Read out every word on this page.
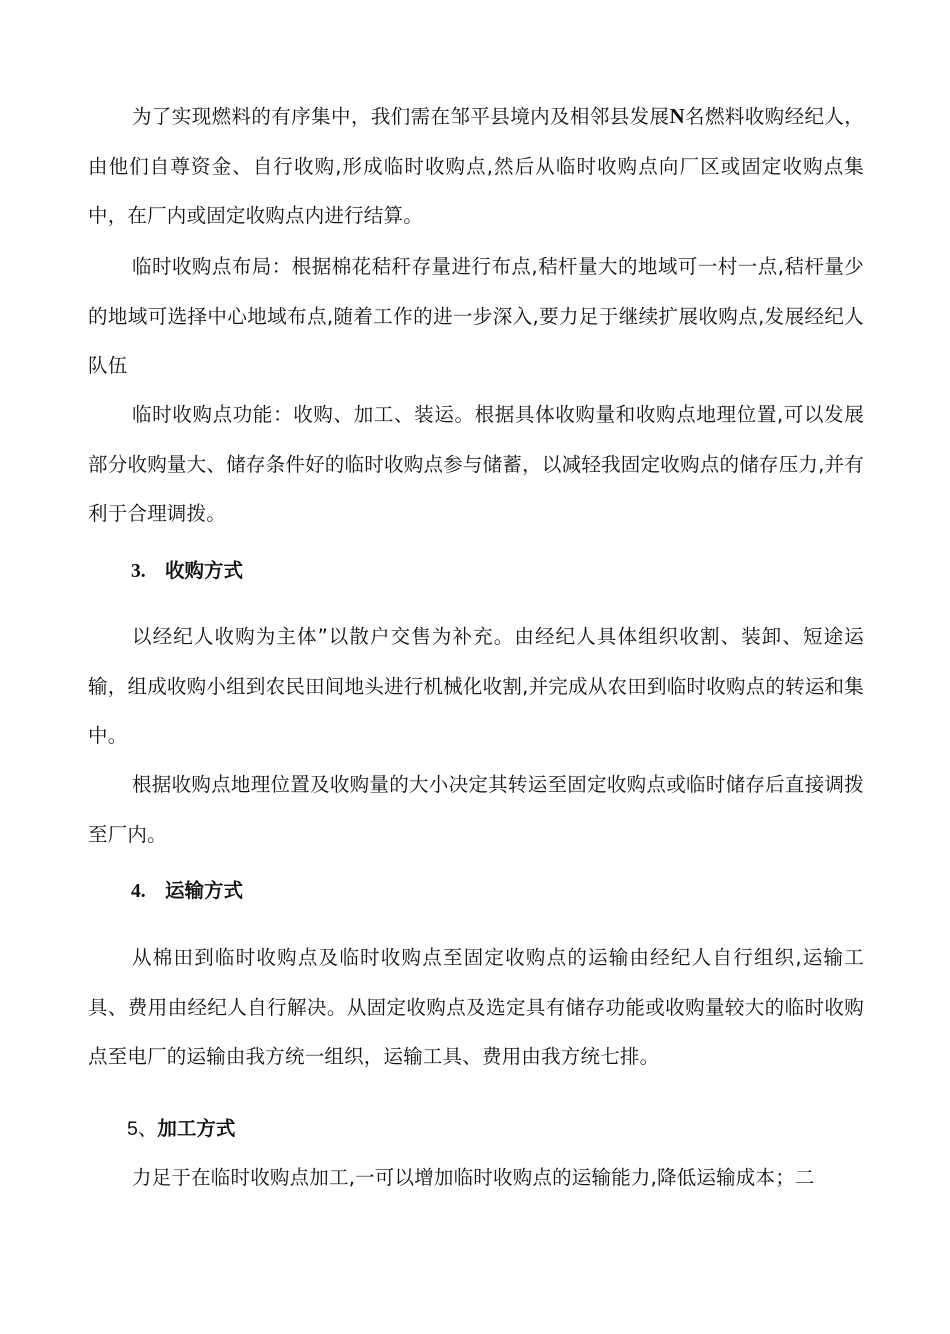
为了实现燃料的有序集中，我们需在邹平县境内及相邻县发展N名燃料收购经纪人，由他们自尊资金、自行收购,形成临时收购点,然后从临时收购点向厂区或固定收购点集中，在厂内或固定收购点内进行结算。

临时收购点布局：根据棉花秸秆存量进行布点,秸杆量大的地域可一村一点,秸杆量少的地域可选择中心地域布点,随着工作的进一步深入,要力足于继续扩展收购点,发展经纪人队伍

临时收购点功能：收购、加工、装运。根据具体收购量和收购点地理位置,可以发展部分收购量大、储存条件好的临时收购点参与储蓄，以减轻我固定收购点的储存压力,并有利于合理调拨。

3. 收购方式

以经纪人收购为主体”以散户交售为补充。由经纪人具体组织收割、装卸、短途运输，组成收购小组到农民田间地头进行机械化收割,并完成从农田到临时收购点的转运和集中。

根据收购点地理位置及收购量的大小决定其转运至固定收购点或临时储存后直接调拨至厂内。

4. 运输方式

从棉田到临时收购点及临时收购点至固定收购点的运输由经纪人自行组织,运输工具、费用由经纪人自行解决。从固定收购点及选定具有储存功能或收购量较大的临时收购点至电厂的运输由我方统一组织，运输工具、费用由我方统七排。

5、加工方式

力足于在临时收购点加工,一可以增加临时收购点的运输能力,降低运输成本；二
